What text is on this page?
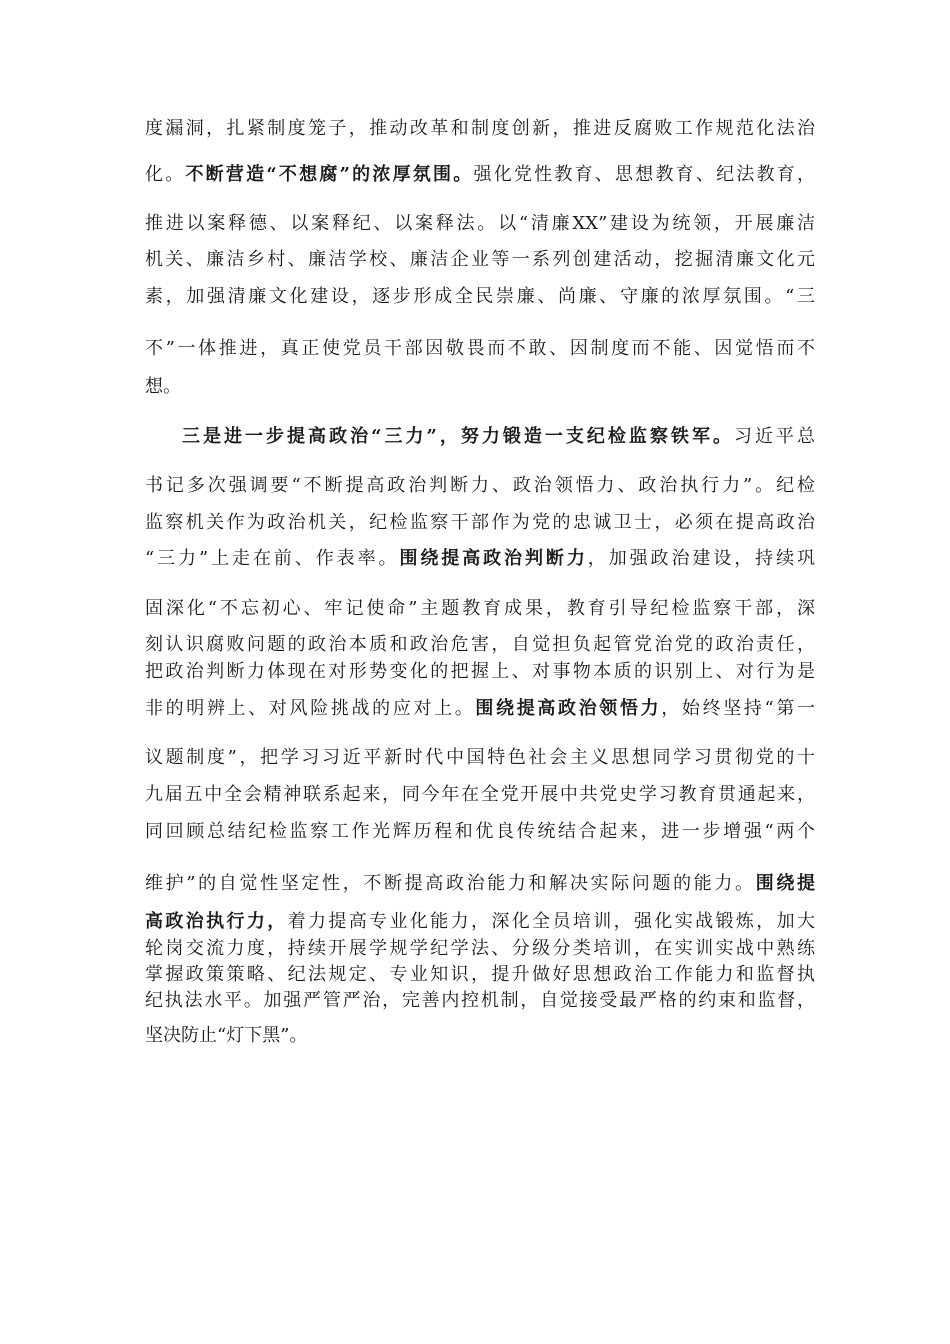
度漏洞，扎紧制度笼子，推动改革和制度创新，推进反腐败工作规范化法治
化。不断营造“不想腐”的浓厚氛围。强化党性教育、思想教育、纪法教育，
推进以案释德、以案释纪、以案释法。以“清廉XX”建设为统领，开展廉洁
机关、廉洁乡村、廉洁学校、廉洁企业等一系列创建活动，挖掘清廉文化元
素，加强清廉文化建设，逐步形成全民崇廉、尚廉、守廉的浓厚氛围。“三
不”一体推进，真正使党员干部因敬畏而不敢、因制度而不能、因觉悟而不
想。
三是进一步提高政治“三力”，努力锻造一支纪检监察铁军。习近平总
书记多次强调要“不断提高政治判断力、政治领悟力、政治执行力”。纪检
监察机关作为政治机关，纪检监察干部作为党的忠诚卫士，必须在提高政治
“三力”上走在前、作表率。围绕提高政治判断力，加强政治建设，持续巩
固深化“不忘初心、牢记使命”主题教育成果，教育引导纪检监察干部，深
刻认识腐败问题的政治本质和政治危害，自觉担负起管党治党的政治责任，
把政治判断力体现在对形势变化的把握上、对事物本质的识别上、对行为是
非的明辨上、对风险挑战的应对上。围绕提高政治领悟力，始终坚持“第一
议题制度”，把学习习近平新时代中国特色社会主义思想同学习贯彻党的十
九届五中全会精神联系起来，同今年在全党开展中共党史学习教育贯通起来，
同回顾总结纪检监察工作光辉历程和优良传统结合起来，进一步增强“两个
维护”的自觉性坚定性，不断提高政治能力和解决实际问题的能力。围绕提
高政治执行力，着力提高专业化能力，深化全员培训，强化实战锻炼，加大
轮岗交流力度，持续开展学规学纪学法、分级分类培训，在实训实战中熟练
掌握政策策略、纪法规定、专业知识，提升做好思想政治工作能力和监督执
纪执法水平。加强严管严治，完善内控机制，自觉接受最严格的约束和监督，
坚决防止“灯下黑”。
